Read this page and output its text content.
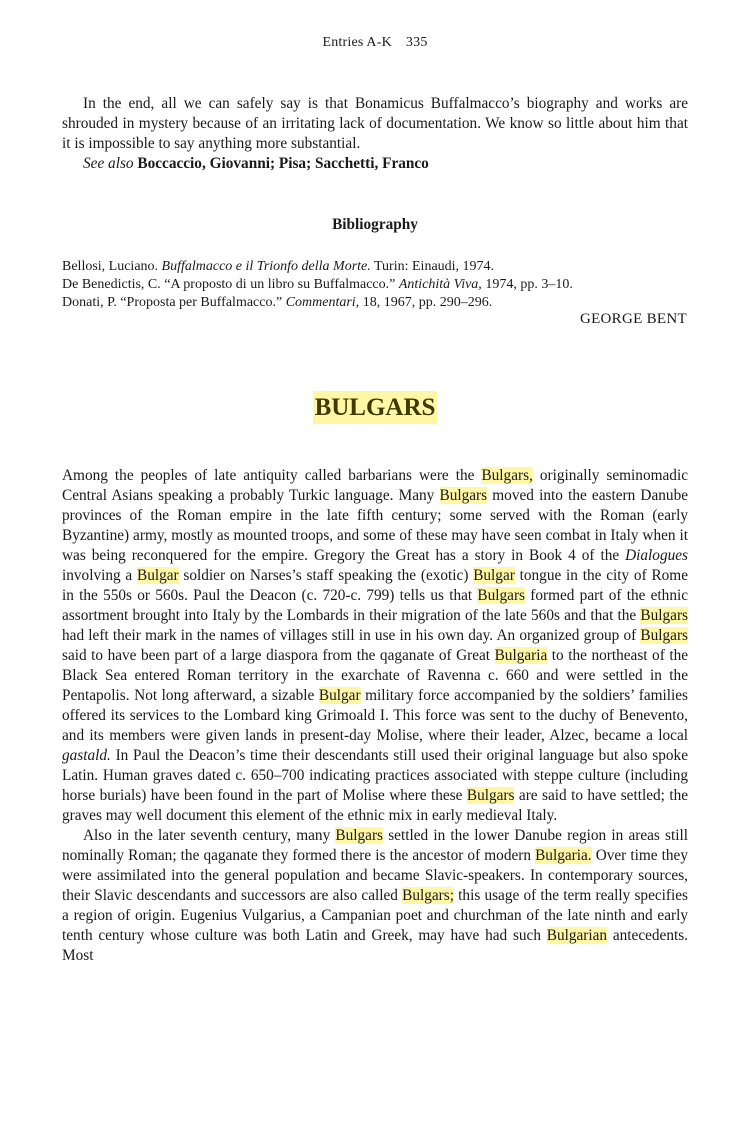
Entries A-K 335

In the end, all we can safely say is that Bonamicus Buffalmacco’s biography and works are shrouded in mystery because of an irritating lack of documentation. We know so little about him that it is impossible to say anything more substantial.

See also Boccaccio, Giovanni; Pisa; Sacchetti, Franco

Bibliography
Bellosi, Luciano. Buffalmacco e il Trionfo della Morte. Turin: Einaudi, 1974.
De Benedictis, C. “A proposto di un libro su Buffalmacco.” Antichità Viva, 1974, pp. 3–10.
Donati, P. “Proposta per Buffalmacco.” Commentari, 18, 1967, pp. 290–296.
GEORGE BENT
BULGARS

Among the peoples of late antiquity called barbarians were the Bulgars, originally seminomadic Central Asians speaking a probably Turkic language. Many Bulgars moved into the eastern Danube provinces of the Roman empire in the late fifth century; some served with the Roman (early Byzantine) army, mostly as mounted troops, and some of these may have seen combat in Italy when it was being reconquered for the empire. Gregory the Great has a story in Book 4 of the Dialogues involving a Bulgar soldier on Narses’s staff speaking the (exotic) Bulgar tongue in the city of Rome in the 550s or 560s. Paul the Deacon (c. 720-c. 799) tells us that Bulgars formed part of the ethnic assortment brought into Italy by the Lombards in their migration of the late 560s and that the Bulgars had left their mark in the names of villages still in use in his own day. An organized group of Bulgars said to have been part of a large diaspora from the qaganate of Great Bulgaria to the northeast of the Black Sea entered Roman territory in the exarchate of Ravenna c. 660 and were settled in the Pentapolis. Not long afterward, a sizable Bulgar military force accompanied by the soldiers’ families offered its services to the Lombard king Grimoald I. This force was sent to the duchy of Benevento, and its members were given lands in present-day Molise, where their leader, Alzec, became a local gastald. In Paul the Deacon’s time their descendants still used their original language but also spoke Latin. Human graves dated c. 650–700 indicating practices associated with steppe culture (including horse burials) have been found in the part of Molise where these Bulgars are said to have settled; the graves may well document this element of the ethnic mix in early medieval Italy.

Also in the later seventh century, many Bulgars settled in the lower Danube region in areas still nominally Roman; the qaganate they formed there is the ancestor of modern Bulgaria. Over time they were assimilated into the general population and became Slavic-speakers. In contemporary sources, their Slavic descendants and successors are also called Bulgars; this usage of the term really specifies a region of origin. Eugenius Vulgarius, a Campanian poet and churchman of the late ninth and early tenth century whose culture was both Latin and Greek, may have had such Bulgarian antecedents. Most
